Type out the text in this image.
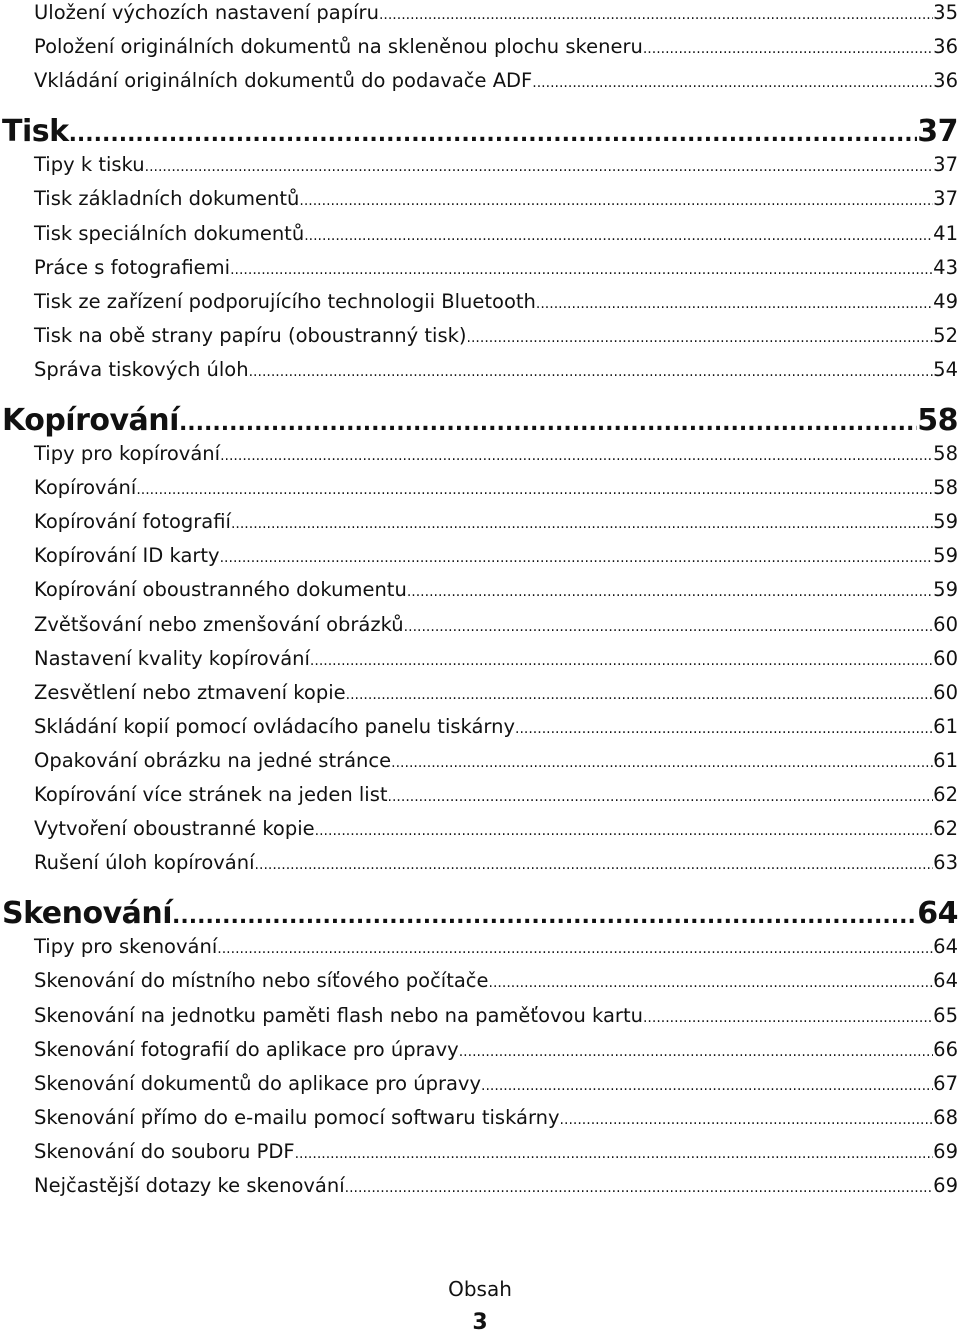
Uložení výchozích nastavení papíru .....	35
Položení originálních dokumentů na skleněnou plochu skeneru .....	36
Vkládání originálních dokumentů do podavače ADF .....	36
Tisk .....	37
Tipy k tisku .....	37
Tisk základních dokumentů .....	37
Tisk speciálních dokumentů .....	41
Práce s fotografiemi .....	43
Tisk ze zařízení podporujícího technologii Bluetooth .....	49
Tisk na obě strany papíru (oboustranný tisk) .....	52
Správa tiskových úloh .....	54
Kopírování .....	58
Tipy pro kopírování .....	58
Kopírování .....	58
Kopírování fotografií .....	59
Kopírování ID karty .....	59
Kopírování oboustranného dokumentu .....	59
Zvětšování nebo zmenšování obrázků .....	60
Nastavení kvality kopírování .....	60
Zesvětlení nebo ztmavení kopie .....	60
Skládání kopií pomocí ovládacího panelu tiskárny .....	61
Opakování obrázku na jedné stránce .....	61
Kopírování více stránek na jeden list .....	62
Vytvoření oboustranné kopie .....	62
Rušení úloh kopírování .....	63
Skenování .....	64
Tipy pro skenování .....	64
Skenování do místního nebo síťového počítače .....	64
Skenování na jednotku paměti flash nebo na paměťovou kartu .....	65
Skenování fotografií do aplikace pro úpravy .....	66
Skenování dokumentů do aplikace pro úpravy .....	67
Skenování přímo do e-mailu pomocí softwaru tiskárny .....	68
Skenování do souboru PDF .....	69
Nejčastější dotazy ke skenování .....	69
Obsah
3
